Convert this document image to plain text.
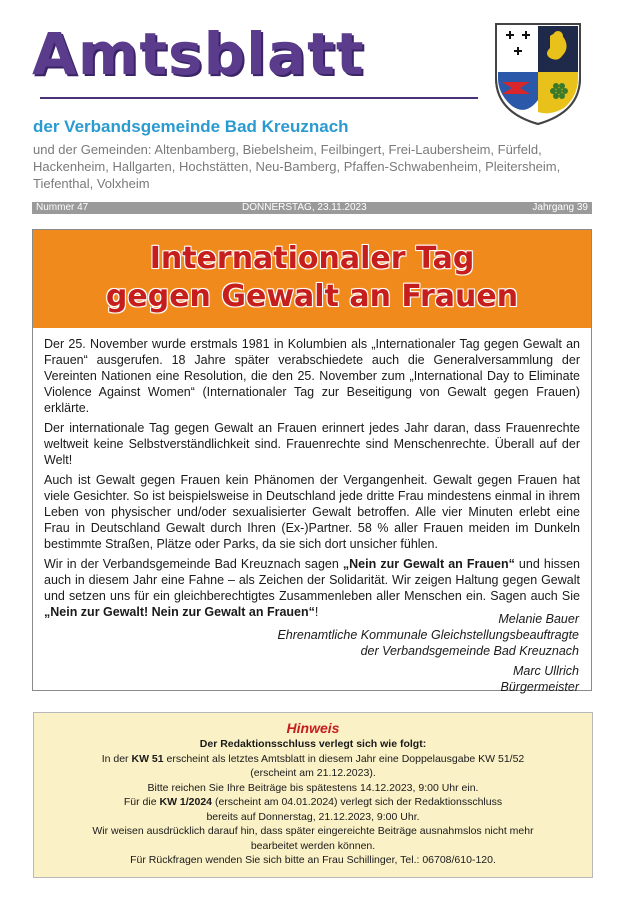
Amtsblatt
der Verbandsgemeinde Bad Kreuznach
und der Gemeinden: Altenbamberg, Biebelsheim, Feilbingert, Frei-Laubersheim, Fürfeld, Hackenheim, Hallgarten, Hochstätten, Neu-Bamberg, Pfaffen-Schwabenheim, Pleitersheim, Tiefenthal, Volxheim
Nummer 47	DONNERSTAG, 23.11.2023	Jahrgang 39
Internationaler Tag
gegen Gewalt an Frauen

Der 25. November wurde erstmals 1981 in Kolumbien als „Internationaler Tag gegen Gewalt an Frauen“ ausgerufen. 18 Jahre später verabschiedete auch die Generalversammlung der Vereinten Nationen eine Resolution, die den 25. November zum „International Day to Eliminate Violence Against Women“ (Internationaler Tag zur Beseitigung von Gewalt gegen Frauen) erklärte.

Der internationale Tag gegen Gewalt an Frauen erinnert jedes Jahr daran, dass Frauenrechte weltweit keine Selbstverständlichkeit sind. Frauenrechte sind Menschenrechte. Überall auf der Welt!

Auch ist Gewalt gegen Frauen kein Phänomen der Vergangenheit. Gewalt gegen Frauen hat viele Gesichter. So ist beispielsweise in Deutschland jede dritte Frau mindestens einmal in ihrem Leben von physischer und/oder sexualisierter Gewalt betroffen. Alle vier Minuten erlebt eine Frau in Deutschland Gewalt durch Ihren (Ex-)Partner. 58 % aller Frauen meiden im Dunkeln bestimmte Straßen, Plätze oder Parks, da sie sich dort unsicher fühlen.

Wir in der Verbandsgemeinde Bad Kreuznach sagen „Nein zur Gewalt an Frauen“ und hissen auch in diesem Jahr eine Fahne – als Zeichen der Solidarität. Wir zeigen Haltung gegen Gewalt und setzen uns für ein gleichberechtigtes Zusammenleben aller Menschen ein. Sagen auch Sie „Nein zur Gewalt! Nein zur Gewalt an Frauen“!	Melanie Bauer
Ehrenamtliche Kommunale Gleichstellungsbeauftragte
der Verbandsgemeinde Bad Kreuznach
Marc Ullrich
Bürgermeister
Hinweis
Der Redaktionsschluss verlegt sich wie folgt:
In der KW 51 erscheint als letztes Amtsblatt in diesem Jahr eine Doppelausgabe KW 51/52
(erscheint am 21.12.2023).
Bitte reichen Sie Ihre Beiträge bis spätestens 14.12.2023, 9:00 Uhr ein.
Für die KW 1/2024 (erscheint am 04.01.2024) verlegt sich der Redaktionsschluss
bereits auf Donnerstag, 21.12.2023, 9:00 Uhr.
Wir weisen ausdrücklich darauf hin, dass später eingereichte Beiträge ausnahmslos nicht mehr
bearbeitet werden können.
Für Rückfragen wenden Sie sich bitte an Frau Schillinger, Tel.: 06708/610-120.
